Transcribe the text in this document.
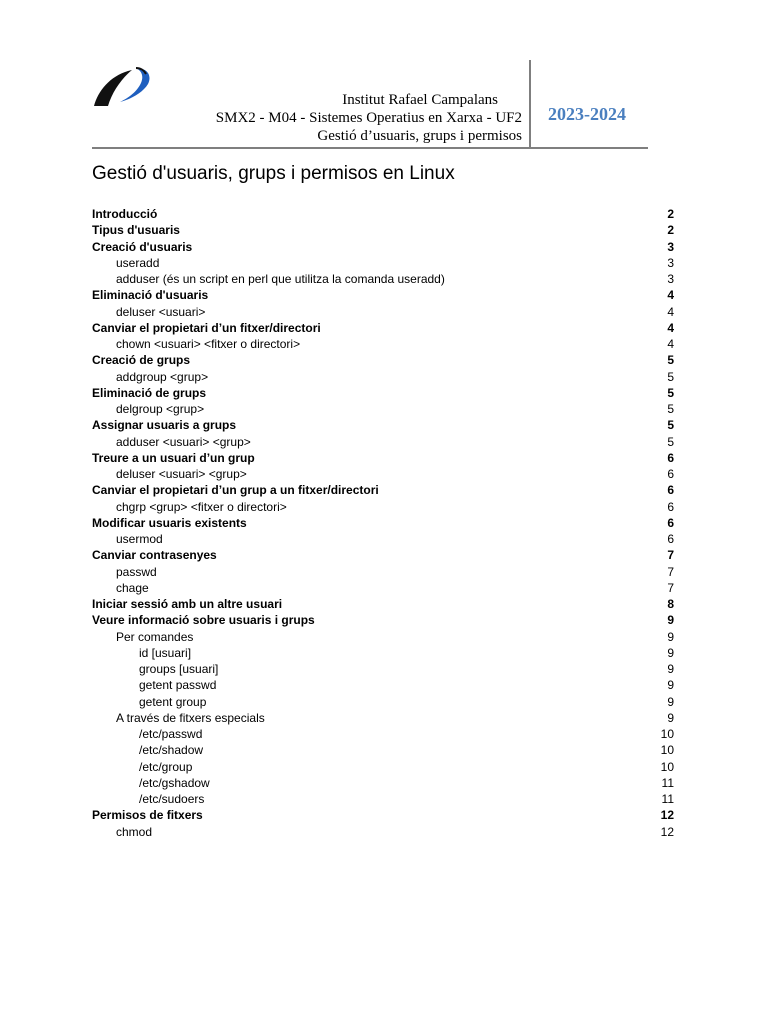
Institut Rafael Campalans
SMX2 - M04 - Sistemes Operatius en Xarxa - UF2
Gestió d’usuaris, grups i permisos
2023-2024
Gestió d'usuaris, grups i permisos en Linux
Introducció	2
Tipus d'usuaris	2
Creació d'usuaris	3
useradd	3
adduser (és un script en perl que utilitza la comanda useradd)	3
Eliminació d'usuaris	4
deluser <usuari>	4
Canviar el propietari d’un fitxer/directori	4
chown <usuari> <fitxer o directori>	4
Creació de grups	5
addgroup <grup>	5
Eliminació de grups	5
delgroup <grup>	5
Assignar usuaris a grups	5
adduser <usuari> <grup>	5
Treure a un usuari d’un grup	6
deluser <usuari> <grup>	6
Canviar el propietari d’un grup a un fitxer/directori	6
chgrp <grup> <fitxer o directori>	6
Modificar usuaris existents	6
usermod	6
Canviar contrasenyes	7
passwd	7
chage	7
Iniciar sessió amb un altre usuari	8
Veure informació sobre usuaris i grups	9
Per comandes	9
id [usuari]	9
groups [usuari]	9
getent passwd	9
getent group	9
A través de fitxers especials	9
/etc/passwd	10
/etc/shadow	10
/etc/group	10
/etc/gshadow	11
/etc/sudoers	11
Permisos de fitxers	12
chmod	12
